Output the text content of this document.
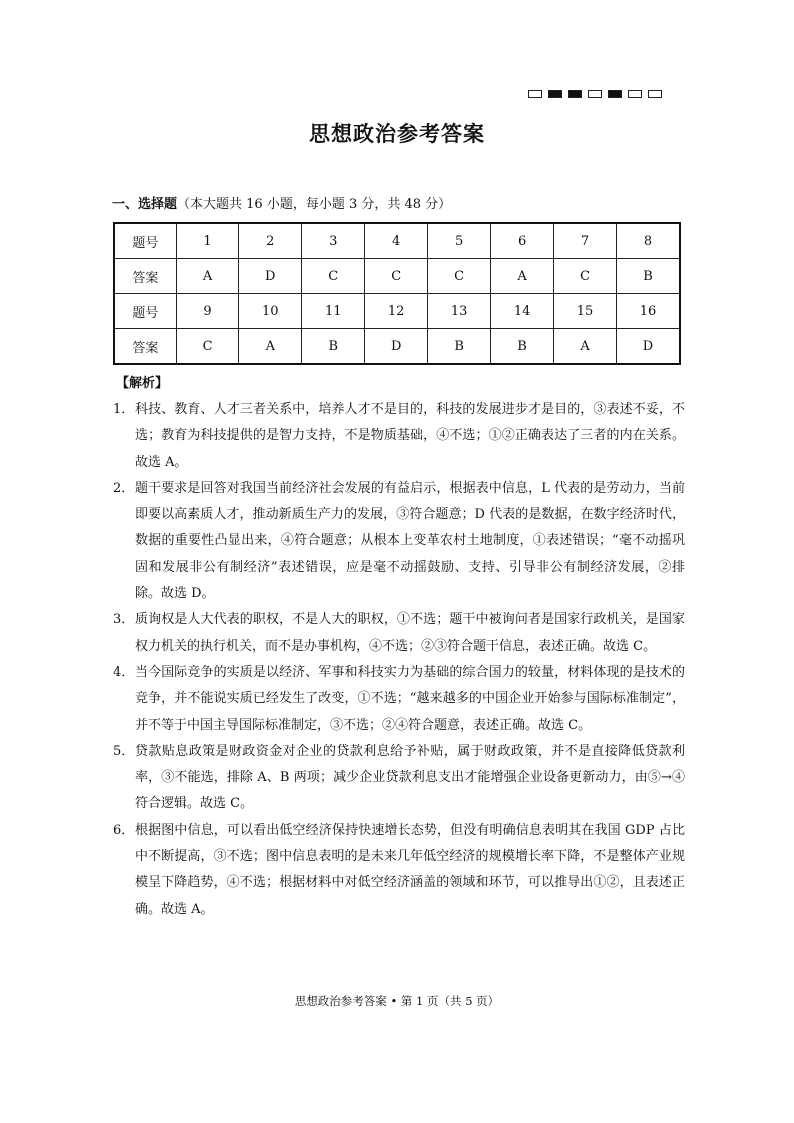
思想政治参考答案
一、选择题（本大题共 16 小题，每小题 3 分，共 48 分）
题号	1	2	3	4	5	6	7	8
答案	A	D	C	C	C	A	C	B
题号	9	10	11	12	13	14	15	16
答案	C	A	B	D	B	B	A	D
【解析】
1． 科技、教育、人才三者关系中，培养人才不是目的，科技的发展进步才是目的，③表述不妥，不选；教育为科技提供的是智力支持，不是物质基础，④不选；①②正确表达了三者的内在关系。故选 A。
2． 题干要求是回答对我国当前经济社会发展的有益启示，根据表中信息，L 代表的是劳动力，当前即要以高素质人才，推动新质生产力的发展，③符合题意；D 代表的是数据，在数字经济时代，数据的重要性凸显出来，④符合题意；从根本上变革农村土地制度，①表述错误；“毫不动摇巩固和发展非公有制经济”表述错误，应是毫不动摇鼓励、支持、引导非公有制经济发展，②排除。故选 D。
3． 质询权是人大代表的职权，不是人大的职权，①不选；题干中被询问者是国家行政机关，是国家权力机关的执行机关，而不是办事机构，④不选；②③符合题干信息，表述正确。故选 C。
4． 当今国际竞争的实质是以经济、军事和科技实力为基础的综合国力的较量，材料体现的是技术的竞争，并不能说实质已经发生了改变，①不选；“越来越多的中国企业开始参与国际标准制定”，并不等于中国主导国际标准制定，③不选；②④符合题意，表述正确。故选 C。
5． 贷款贴息政策是财政资金对企业的贷款利息给予补贴，属于财政政策，并不是直接降低贷款利率，③不能选，排除 A、B 两项；减少企业贷款利息支出才能增强企业设备更新动力，由⑤→④符合逻辑。故选 C。
6． 根据图中信息，可以看出低空经济保持快速增长态势，但没有明确信息表明其在我国 GDP 占比中不断提高，③不选；图中信息表明的是未来几年低空经济的规模增长率下降，不是整体产业规模呈下降趋势，④不选；根据材料中对低空经济涵盖的领域和环节，可以推导出①②，且表述正确。故选 A。
思想政治参考答案 • 第 1 页（共 5 页）
